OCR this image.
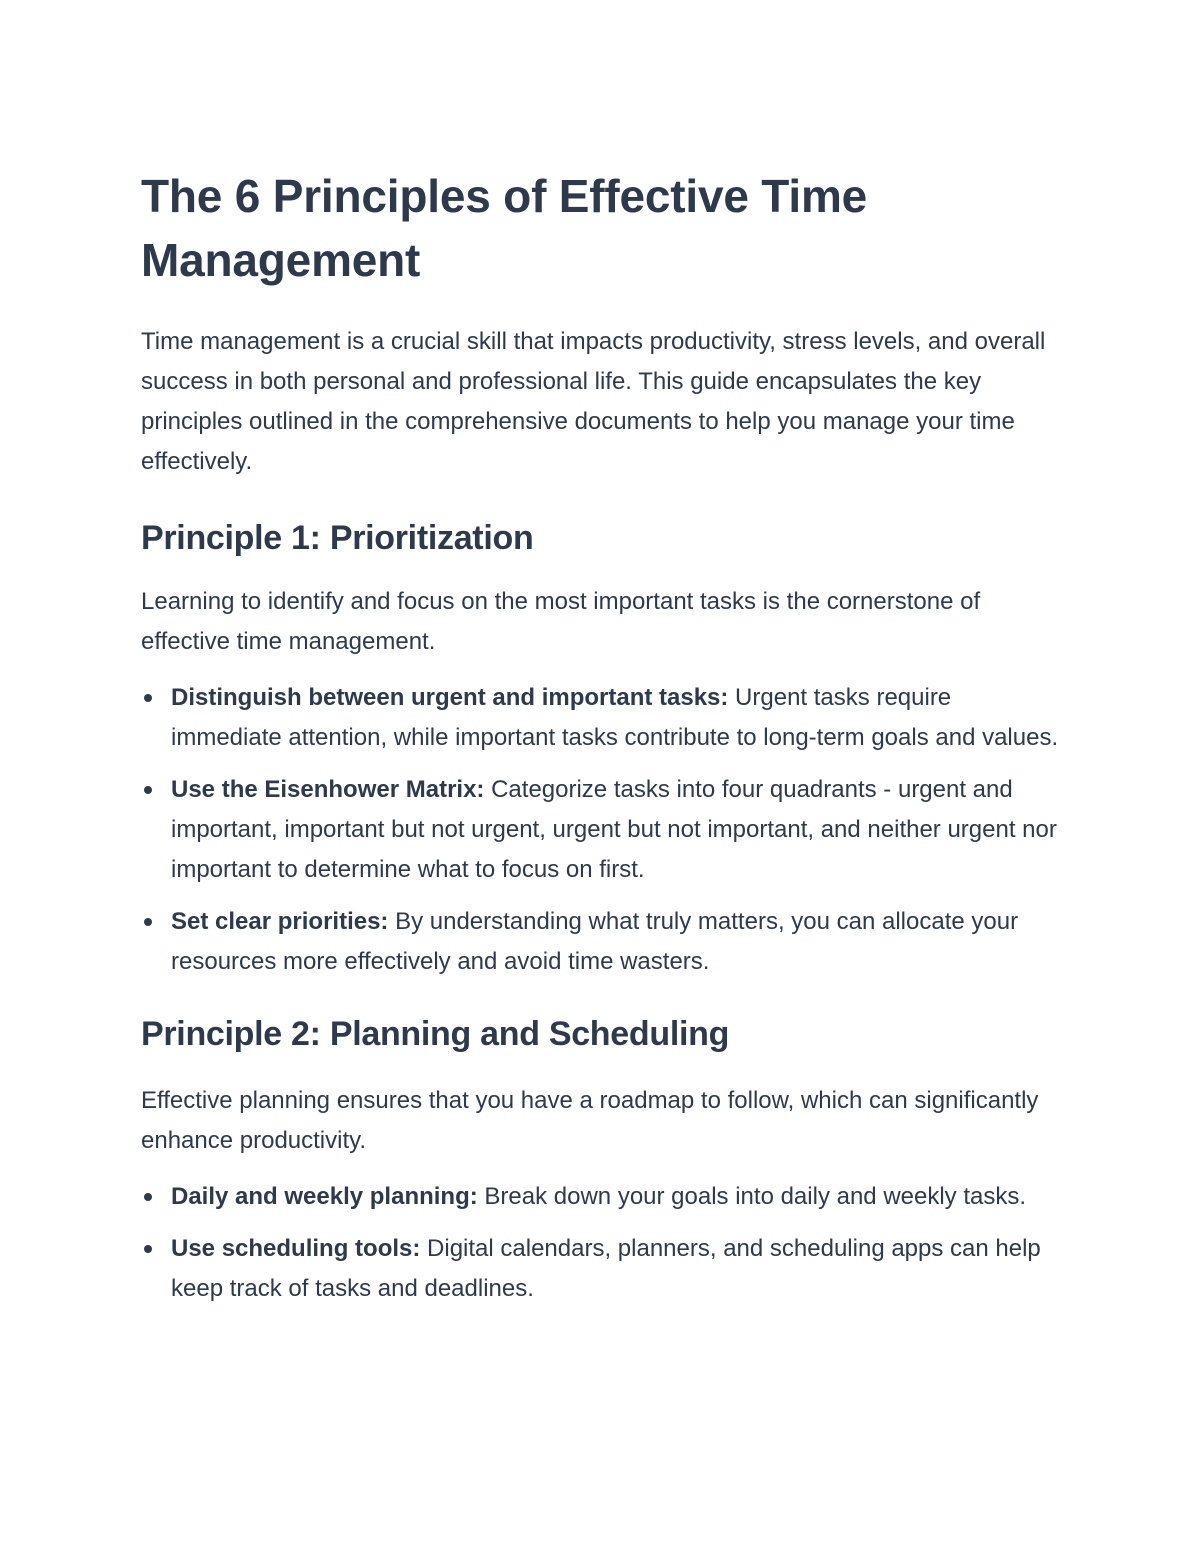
The 6 Principles of Effective Time Management

Time management is a crucial skill that impacts productivity, stress levels, and overall success in both personal and professional life. This guide encapsulates the key principles outlined in the comprehensive documents to help you manage your time effectively.

Principle 1: Prioritization

Learning to identify and focus on the most important tasks is the cornerstone of effective time management.

Distinguish between urgent and important tasks: Urgent tasks require immediate attention, while important tasks contribute to long-term goals and values.
Use the Eisenhower Matrix: Categorize tasks into four quadrants - urgent and important, important but not urgent, urgent but not important, and neither urgent nor important to determine what to focus on first.
Set clear priorities: By understanding what truly matters, you can allocate your resources more effectively and avoid time wasters.
Principle 2: Planning and Scheduling

Effective planning ensures that you have a roadmap to follow, which can significantly enhance productivity.

Daily and weekly planning: Break down your goals into daily and weekly tasks.
Use scheduling tools: Digital calendars, planners, and scheduling apps can help keep track of tasks and deadlines.
